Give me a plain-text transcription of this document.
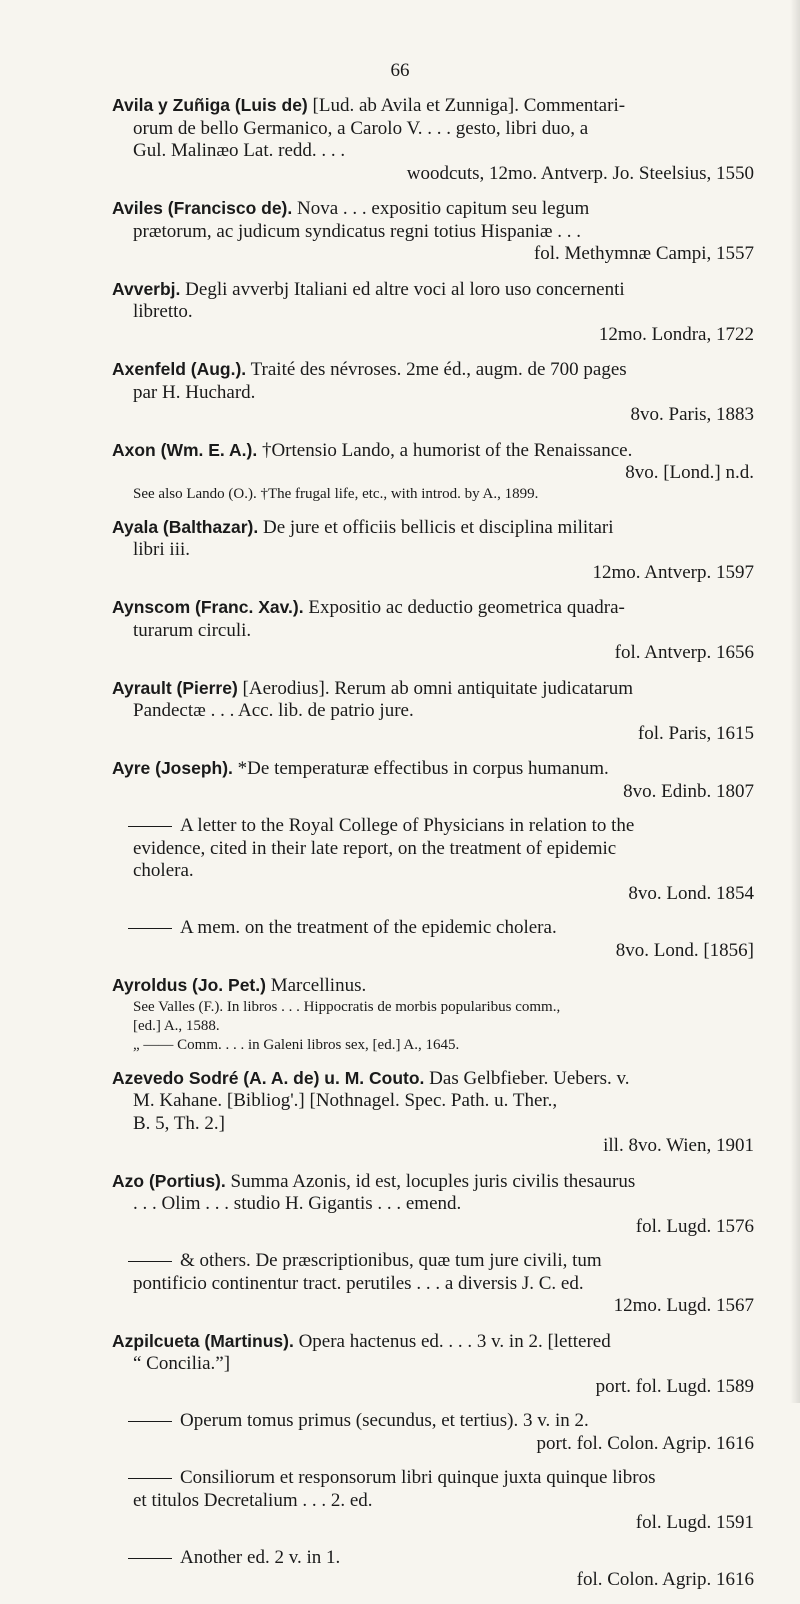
66
Avila y Zuñiga (Luis de) [Lud. ab Avila et Zunniga]. Commentari-
orum de bello Germanico, a Carolo V. . . . gesto, libri duo, a
Gul. Malinæo Lat. redd. . . .
woodcuts, 12mo. Antverp. Jo. Steelsius, 1550
Aviles (Francisco de). Nova . . . expositio capitum seu legum
prætorum, ac judicum syndicatus regni totius Hispaniæ . . .
fol. Methymnæ Campi, 1557
Avverbj. Degli avverbj Italiani ed altre voci al loro uso concernenti
libretto.
12mo. Londra, 1722
Axenfeld (Aug.). Traité des névroses. 2me éd., augm. de 700 pages
par H. Huchard.
8vo. Paris, 1883
Axon (Wm. E. A.). †Ortensio Lando, a humorist of the Renaissance.
8vo. [Lond.] n.d.
See also Lando (O.). †The frugal life, etc., with introd. by A., 1899.
Ayala (Balthazar). De jure et officiis bellicis et disciplina militari
libri iii.
12mo. Antverp. 1597
Aynscom (Franc. Xav.). Expositio ac deductio geometrica quadra-
turarum circuli.
fol. Antverp. 1656
Ayrault (Pierre) [Aerodius]. Rerum ab omni antiquitate judicatarum
Pandectæ . . . Acc. lib. de patrio jure.
fol. Paris, 1615
Ayre (Joseph). *De temperaturæ effectibus in corpus humanum.
8vo. Edinb. 1807
A letter to the Royal College of Physicians in relation to the
evidence, cited in their late report, on the treatment of epidemic
cholera.
8vo. Lond. 1854
A mem. on the treatment of the epidemic cholera.
8vo. Lond. [1856]
Ayroldus (Jo. Pet.) Marcellinus.
See Valles (F.). In libros . . . Hippocratis de morbis popularibus comm.,
[ed.] A., 1588.
„ —— Comm. . . . in Galeni libros sex, [ed.] A., 1645.
Azevedo Sodré (A. A. de) u. M. Couto. Das Gelbfieber. Uebers. v.
M. Kahane. [Bibliog'.] [Nothnagel. Spec. Path. u. Ther.,
B. 5, Th. 2.]
ill. 8vo. Wien, 1901
Azo (Portius). Summa Azonis, id est, locuples juris civilis thesaurus
. . . Olim . . . studio H. Gigantis . . . emend.
fol. Lugd. 1576
& others. De præscriptionibus, quæ tum jure civili, tum
pontificio continentur tract. perutiles . . . a diversis J. C. ed.
12mo. Lugd. 1567
Azpilcueta (Martinus). Opera hactenus ed. . . . 3 v. in 2. [lettered
“ Concilia.”]
port. fol. Lugd. 1589
Operum tomus primus (secundus, et tertius). 3 v. in 2.
port. fol. Colon. Agrip. 1616
Consiliorum et responsorum libri quinque juxta quinque libros
et titulos Decretalium . . . 2. ed.
fol. Lugd. 1591
Another ed. 2 v. in 1.
fol. Colon. Agrip. 1616
